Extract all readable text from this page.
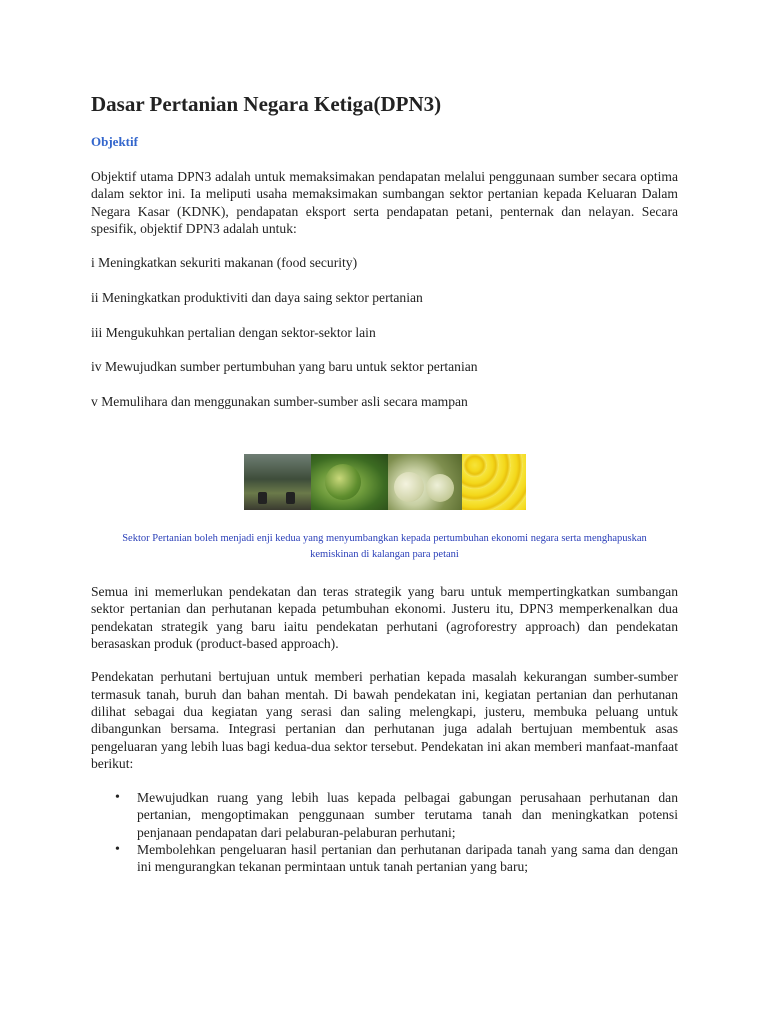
Dasar Pertanian Negara Ketiga(DPN3)
Objektif

Objektif utama DPN3 adalah untuk memaksimakan pendapatan melalui penggunaan sumber secara optima dalam sektor ini. Ia meliputi usaha memaksimakan sumbangan sektor pertanian kepada Keluaran Dalam Negara Kasar (KDNK), pendapatan eksport serta pendapatan petani, penternak dan nelayan. Secara spesifik, objektif DPN3 adalah untuk:

i Meningkatkan sekuriti makanan (food security)

ii Meningkatkan produktiviti dan daya saing sektor pertanian

iii Mengukuhkan pertalian dengan sektor-sektor lain

iv Mewujudkan sumber pertumbuhan yang baru untuk sektor pertanian

v Memulihara dan menggunakan sumber-sumber asli secara mampan

Sektor Pertanian boleh menjadi enji kedua yang menyumbangkan kepada pertumbuhan ekonomi negara serta menghapuskan kemiskinan di kalangan para petani

Semua ini memerlukan pendekatan dan teras strategik yang baru untuk mempertingkatkan sumbangan sektor pertanian dan perhutanan kepada petumbuhan ekonomi. Justeru itu, DPN3 memperkenalkan dua pendekatan strategik yang baru iaitu pendekatan perhutani (agroforestry approach) dan pendekatan berasaskan produk (product-based approach).

Pendekatan perhutani bertujuan untuk memberi perhatian kepada masalah kekurangan sumber-sumber termasuk tanah, buruh dan bahan mentah. Di bawah pendekatan ini, kegiatan pertanian dan perhutanan dilihat sebagai dua kegiatan yang serasi dan saling melengkapi, justeru, membuka peluang untuk dibangunkan bersama. Integrasi pertanian dan perhutanan juga adalah bertujuan membentuk asas pengeluaran yang lebih luas bagi kedua-dua sektor tersebut. Pendekatan ini akan memberi manfaat-manfaat berikut:

• Mewujudkan ruang yang lebih luas kepada pelbagai gabungan perusahaan perhutanan dan pertanian, mengoptimakan penggunaan sumber terutama tanah dan meningkatkan potensi penjanaan pendapatan dari pelaburan-pelaburan perhutani;
• Membolehkan pengeluaran hasil pertanian dan perhutanan daripada tanah yang sama dan dengan ini mengurangkan tekanan permintaan untuk tanah pertanian yang baru;
